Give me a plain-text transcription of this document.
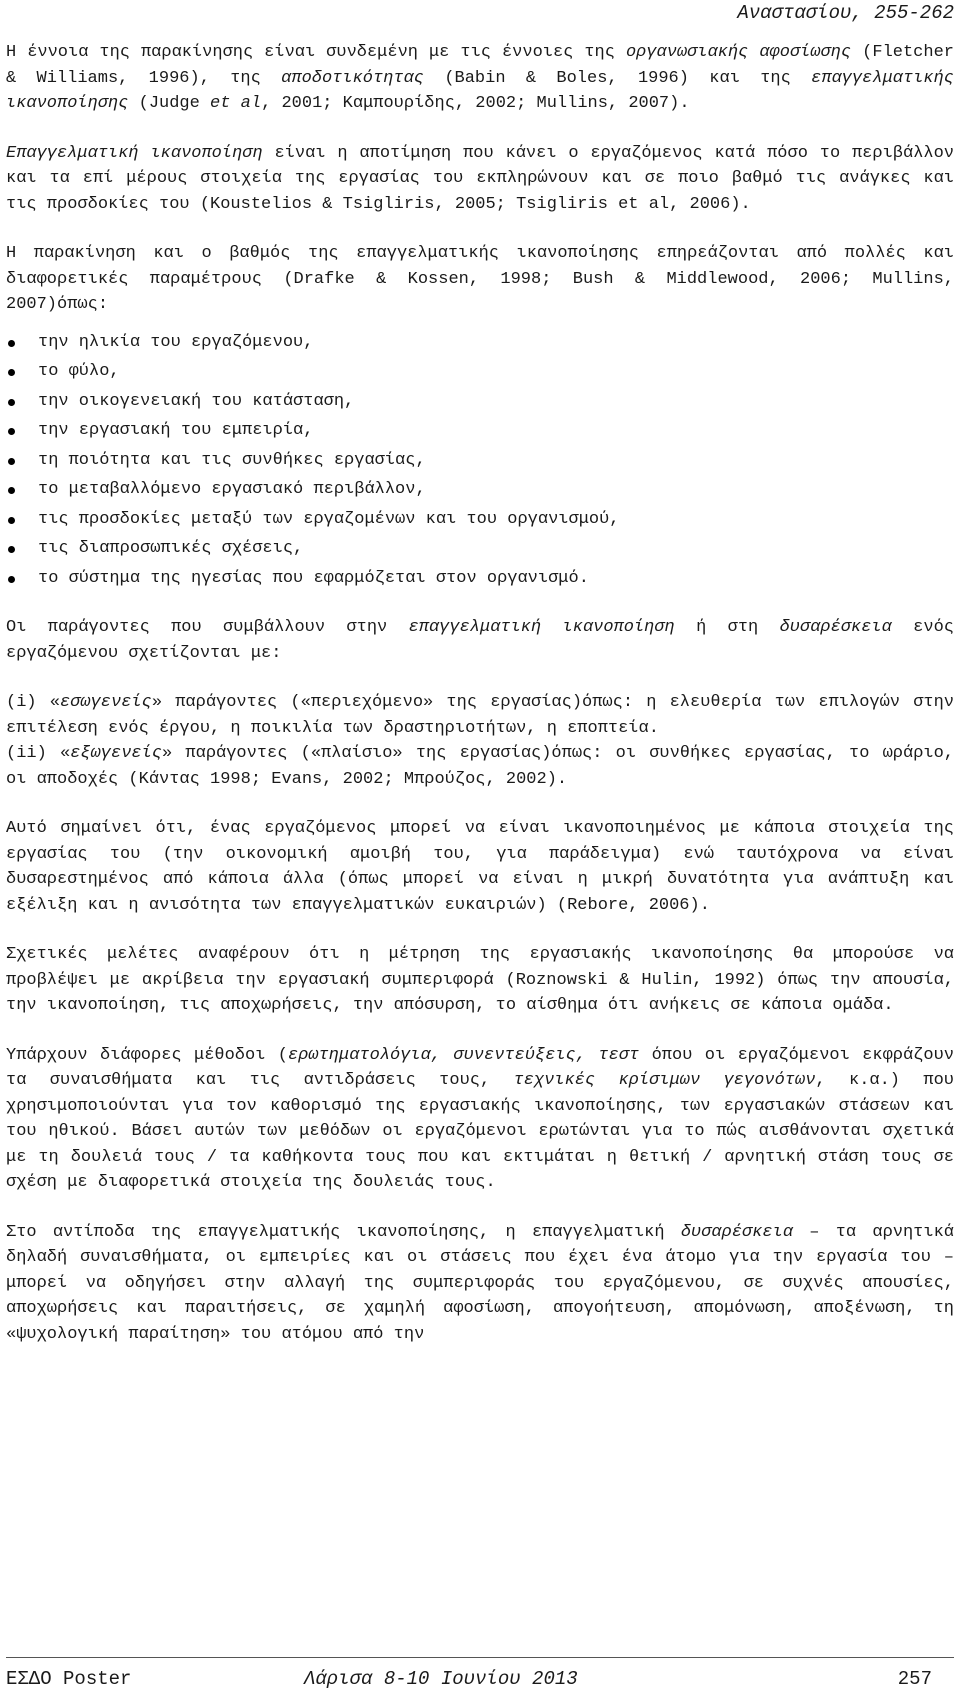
Αναστασίου, 255-262

Η έννοια της παρακίνησης είναι συνδεμένη με τις έννοιες της οργανωσιακής αφοσίωσης (Fletcher & Williams, 1996), της αποδοτικότητας (Babin & Boles, 1996) και της επαγγελματικής ικανοποίησης (Judge et al, 2001; Καμπουρίδης, 2002; Mullins, 2007).

Επαγγελματική ικανοποίηση είναι η αποτίμηση που κάνει ο εργαζόμενος κατά πόσο το περιβάλλον και τα επί μέρους στοιχεία της εργασίας του εκπληρώνουν και σε ποιο βαθμό τις ανάγκες και τις προσδοκίες του (Koustelios & Tsigliris, 2005; Tsigliris et al, 2006).

Η παρακίνηση και ο βαθμός της επαγγελματικής ικανοποίησης επηρεάζονται από πολλές και διαφορετικές παραμέτρους (Drafke & Kossen, 1998; Bush & Middlewood, 2006; Mullins, 2007)όπως:

την ηλικία του εργαζόμενου,
το φύλο,
την οικογενειακή του κατάσταση,
την εργασιακή του εμπειρία,
τη ποιότητα και τις συνθήκες εργασίας,
το μεταβαλλόμενο εργασιακό περιβάλλον,
τις προσδοκίες μεταξύ των εργαζομένων και του οργανισμού,
τις διαπροσωπικές σχέσεις,
το σύστημα της ηγεσίας που εφαρμόζεται στον οργανισμό.

Οι παράγοντες που συμβάλλουν στην επαγγελματική ικανοποίηση ή στη δυσαρέσκεια ενός εργαζόμενου σχετίζονται με:

(i) «εσωγενείς» παράγοντες («περιεχόμενο» της εργασίας)όπως: η ελευθερία των επιλογών στην επιτέλεση ενός έργου, η ποικιλία των δραστηριοτήτων, η εποπτεία.

(ii) «εξωγενείς» παράγοντες («πλαίσιο» της εργασίας)όπως: οι συνθήκες εργασίας, το ωράριο, οι αποδοχές (Κάντας 1998; Evans, 2002; Μπρούζος, 2002).

Αυτό σημαίνει ότι, ένας εργαζόμενος μπορεί να είναι ικανοποιημένος με κάποια στοιχεία της εργασίας του (την οικονομική αμοιβή του, για παράδειγμα) ενώ ταυτόχρονα να είναι δυσαρεστημένος από κάποια άλλα (όπως μπορεί να είναι η μικρή δυνατότητα για ανάπτυξη και εξέλιξη και η ανισότητα των επαγγελματικών ευκαιριών) (Rebore, 2006).

Σχετικές μελέτες αναφέρουν ότι η μέτρηση της εργασιακής ικανοποίησης θα μπορούσε να προβλέψει με ακρίβεια την εργασιακή συμπεριφορά (Roznowski & Hulin, 1992) όπως την απουσία, την ικανοποίηση, τις αποχωρήσεις, την απόσυρση, το αίσθημα ότι ανήκεις σε κάποια ομάδα.

Υπάρχουν διάφορες μέθοδοι (ερωτηματολόγια, συνεντεύξεις, τεστ όπου οι εργαζόμενοι εκφράζουν τα συναισθήματα και τις αντιδράσεις τους, τεχνικές κρίσιμων γεγονότων, κ.α.) που χρησιμοποιούνται για τον καθορισμό της εργασιακής ικανοποίησης, των εργασιακών στάσεων και του ηθικού. Βάσει αυτών των μεθόδων οι εργαζόμενοι ερωτώνται για το πώς αισθάνονται σχετικά με τη δουλειά τους / τα καθήκοντα τους που και εκτιμάται η θετική / αρνητική στάση τους σε σχέση με διαφορετικά στοιχεία της δουλειάς τους.

Στο αντίποδα της επαγγελματικής ικανοποίησης, η επαγγελματική δυσαρέσκεια – τα αρνητικά δηλαδή συναισθήματα, οι εμπειρίες και οι στάσεις που έχει ένα άτομο για την εργασία του – μπορεί να οδηγήσει στην αλλαγή της συμπεριφοράς του εργαζόμενου, σε συχνές απουσίες, αποχωρήσεις και παραιτήσεις, σε χαμηλή αφοσίωση, απογοήτευση, απομόνωση, αποξένωση, τη «ψυχολογική παραίτηση» του ατόμου από την

ΕΣΔΟ Poster	Λάρισα 8-10 Ιουνίου 2013	257
